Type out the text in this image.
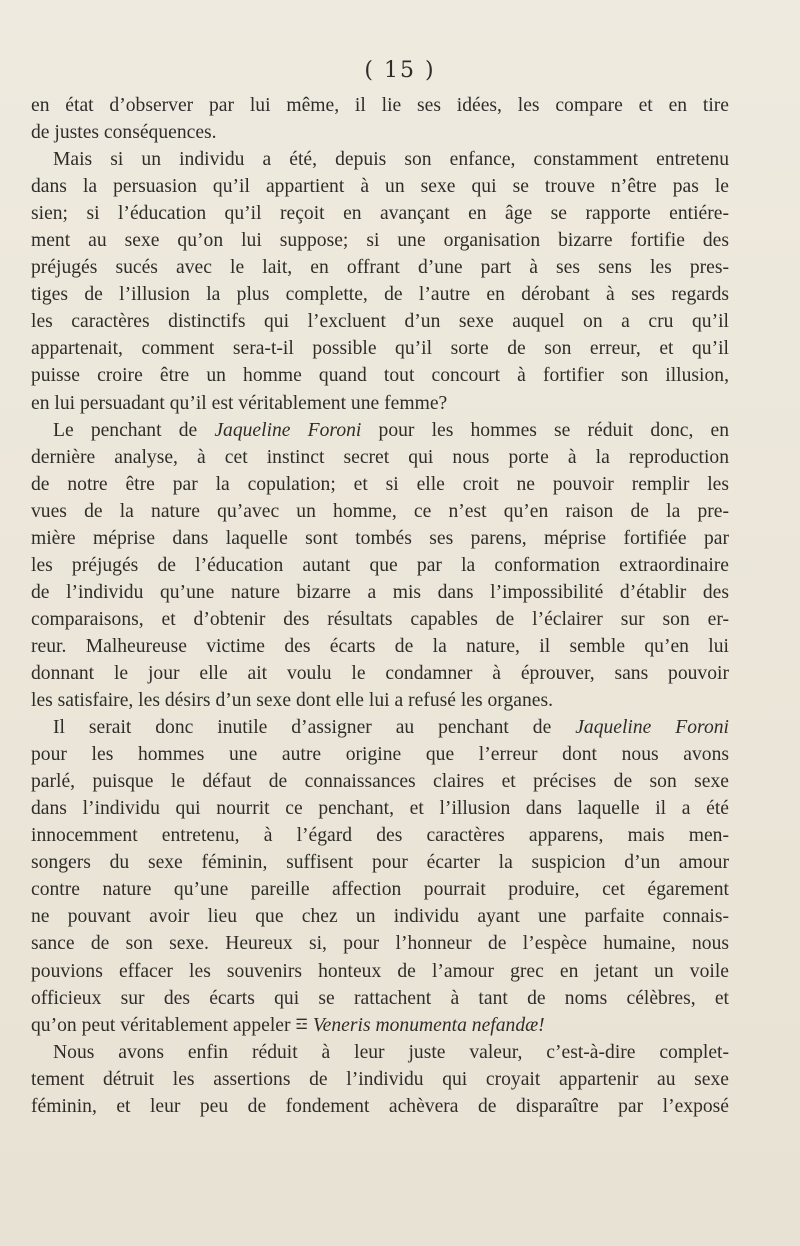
( 15 )
en état d’observer par lui même, il lie ses idées, les compare et en tire
de justes conséquences.
Mais si un individu a été, depuis son enfance, constamment entretenu
dans la persuasion qu’il appartient à un sexe qui se trouve n’être pas le
sien; si l’éducation qu’il reçoit en avançant en âge se rapporte entiére-
ment au sexe qu’on lui suppose; si une organisation bizarre fortifie des
préjugés sucés avec le lait, en offrant d’une part à ses sens les pres-
tiges de l’illusion la plus complette, de l’autre en dérobant à ses regards
les caractères distinctifs qui l’excluent d’un sexe auquel on a cru qu’il
appartenait, comment sera-t-il possible qu’il sorte de son erreur, et qu’il
puisse croire être un homme quand tout concourt à fortifier son illusion,
en lui persuadant qu’il est véritablement une femme?
Le penchant de Jaqueline Foroni pour les hommes se réduit donc, en
dernière analyse, à cet instinct secret qui nous porte à la reproduction
de notre être par la copulation; et si elle croit ne pouvoir remplir les
vues de la nature qu’avec un homme, ce n’est qu’en raison de la pre-
mière méprise dans laquelle sont tombés ses parens, méprise fortifiée par
les préjugés de l’éducation autant que par la conformation extraordinaire
de l’individu qu’une nature bizarre a mis dans l’impossibilité d’établir des
comparaisons, et d’obtenir des résultats capables de l’éclairer sur son er-
reur. Malheureuse victime des écarts de la nature, il semble qu’en lui
donnant le jour elle ait voulu le condamner à éprouver, sans pouvoir
les satisfaire, les désirs d’un sexe dont elle lui a refusé les organes.
Il serait donc inutile d’assigner au penchant de Jaqueline Foroni
pour les hommes une autre origine que l’erreur dont nous avons
parlé, puisque le défaut de connaissances claires et précises de son sexe
dans l’individu qui nourrit ce penchant, et l’illusion dans laquelle il a été
innocemment entretenu, à l’égard des caractères apparens, mais men-
songers du sexe féminin, suffisent pour écarter la suspicion d’un amour
contre nature qu’une pareille affection pourrait produire, cet égarement
ne pouvant avoir lieu que chez un individu ayant une parfaite connais-
sance de son sexe. Heureux si, pour l’honneur de l’espèce humaine, nous
pouvions effacer les souvenirs honteux de l’amour grec en jetant un voile
officieux sur des écarts qui se rattachent à tant de noms célèbres, et
qu’on peut véritablement appeler ☲ Veneris monumenta nefandæ!
Nous avons enfin réduit à leur juste valeur, c’est-à-dire complet-
tement détruit les assertions de l’individu qui croyait appartenir au sexe
féminin, et leur peu de fondement achèvera de disparaître par l’exposé
